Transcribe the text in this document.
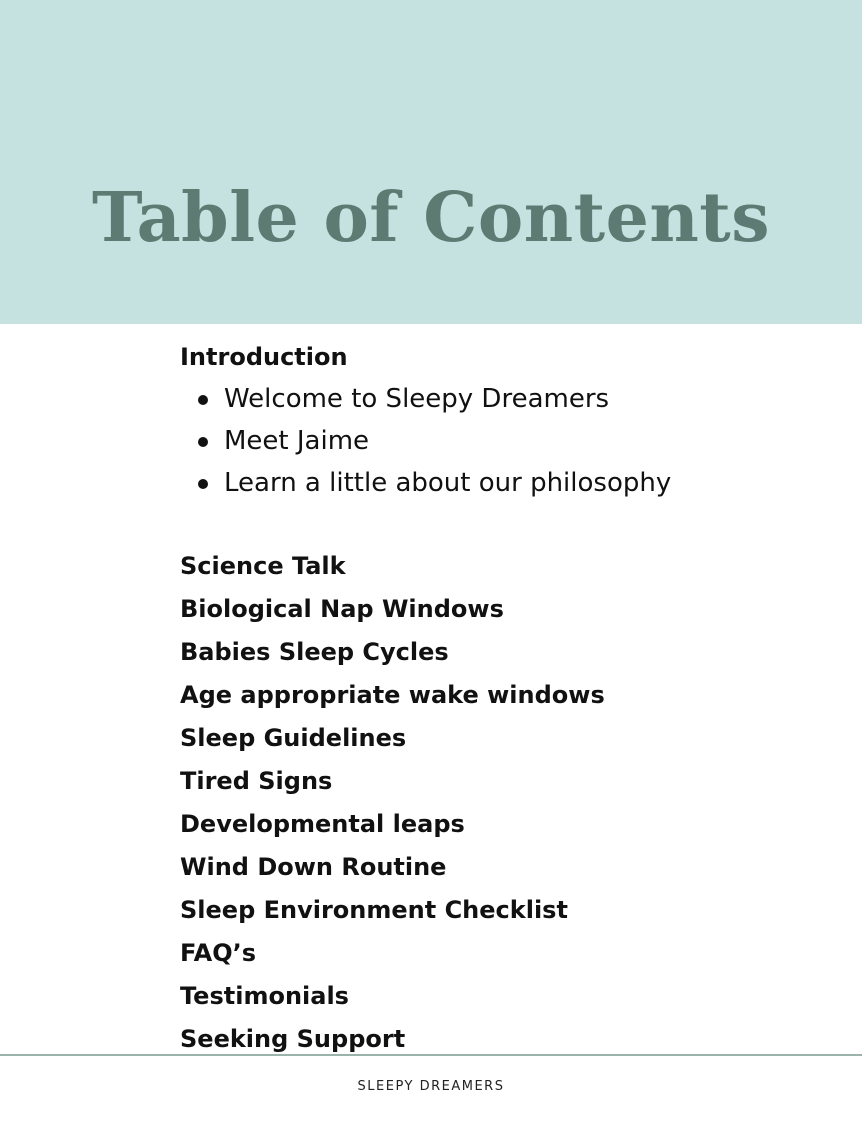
Table of Contents
Introduction
Welcome to Sleepy Dreamers
Meet Jaime
Learn a little about our philosophy
Science Talk
Biological Nap Windows
Babies Sleep Cycles
Age appropriate wake windows
Sleep Guidelines
Tired Signs
Developmental leaps
Wind Down Routine
Sleep Environment Checklist
FAQ’s
Testimonials
Seeking Support
SLEEPY DREAMERS
